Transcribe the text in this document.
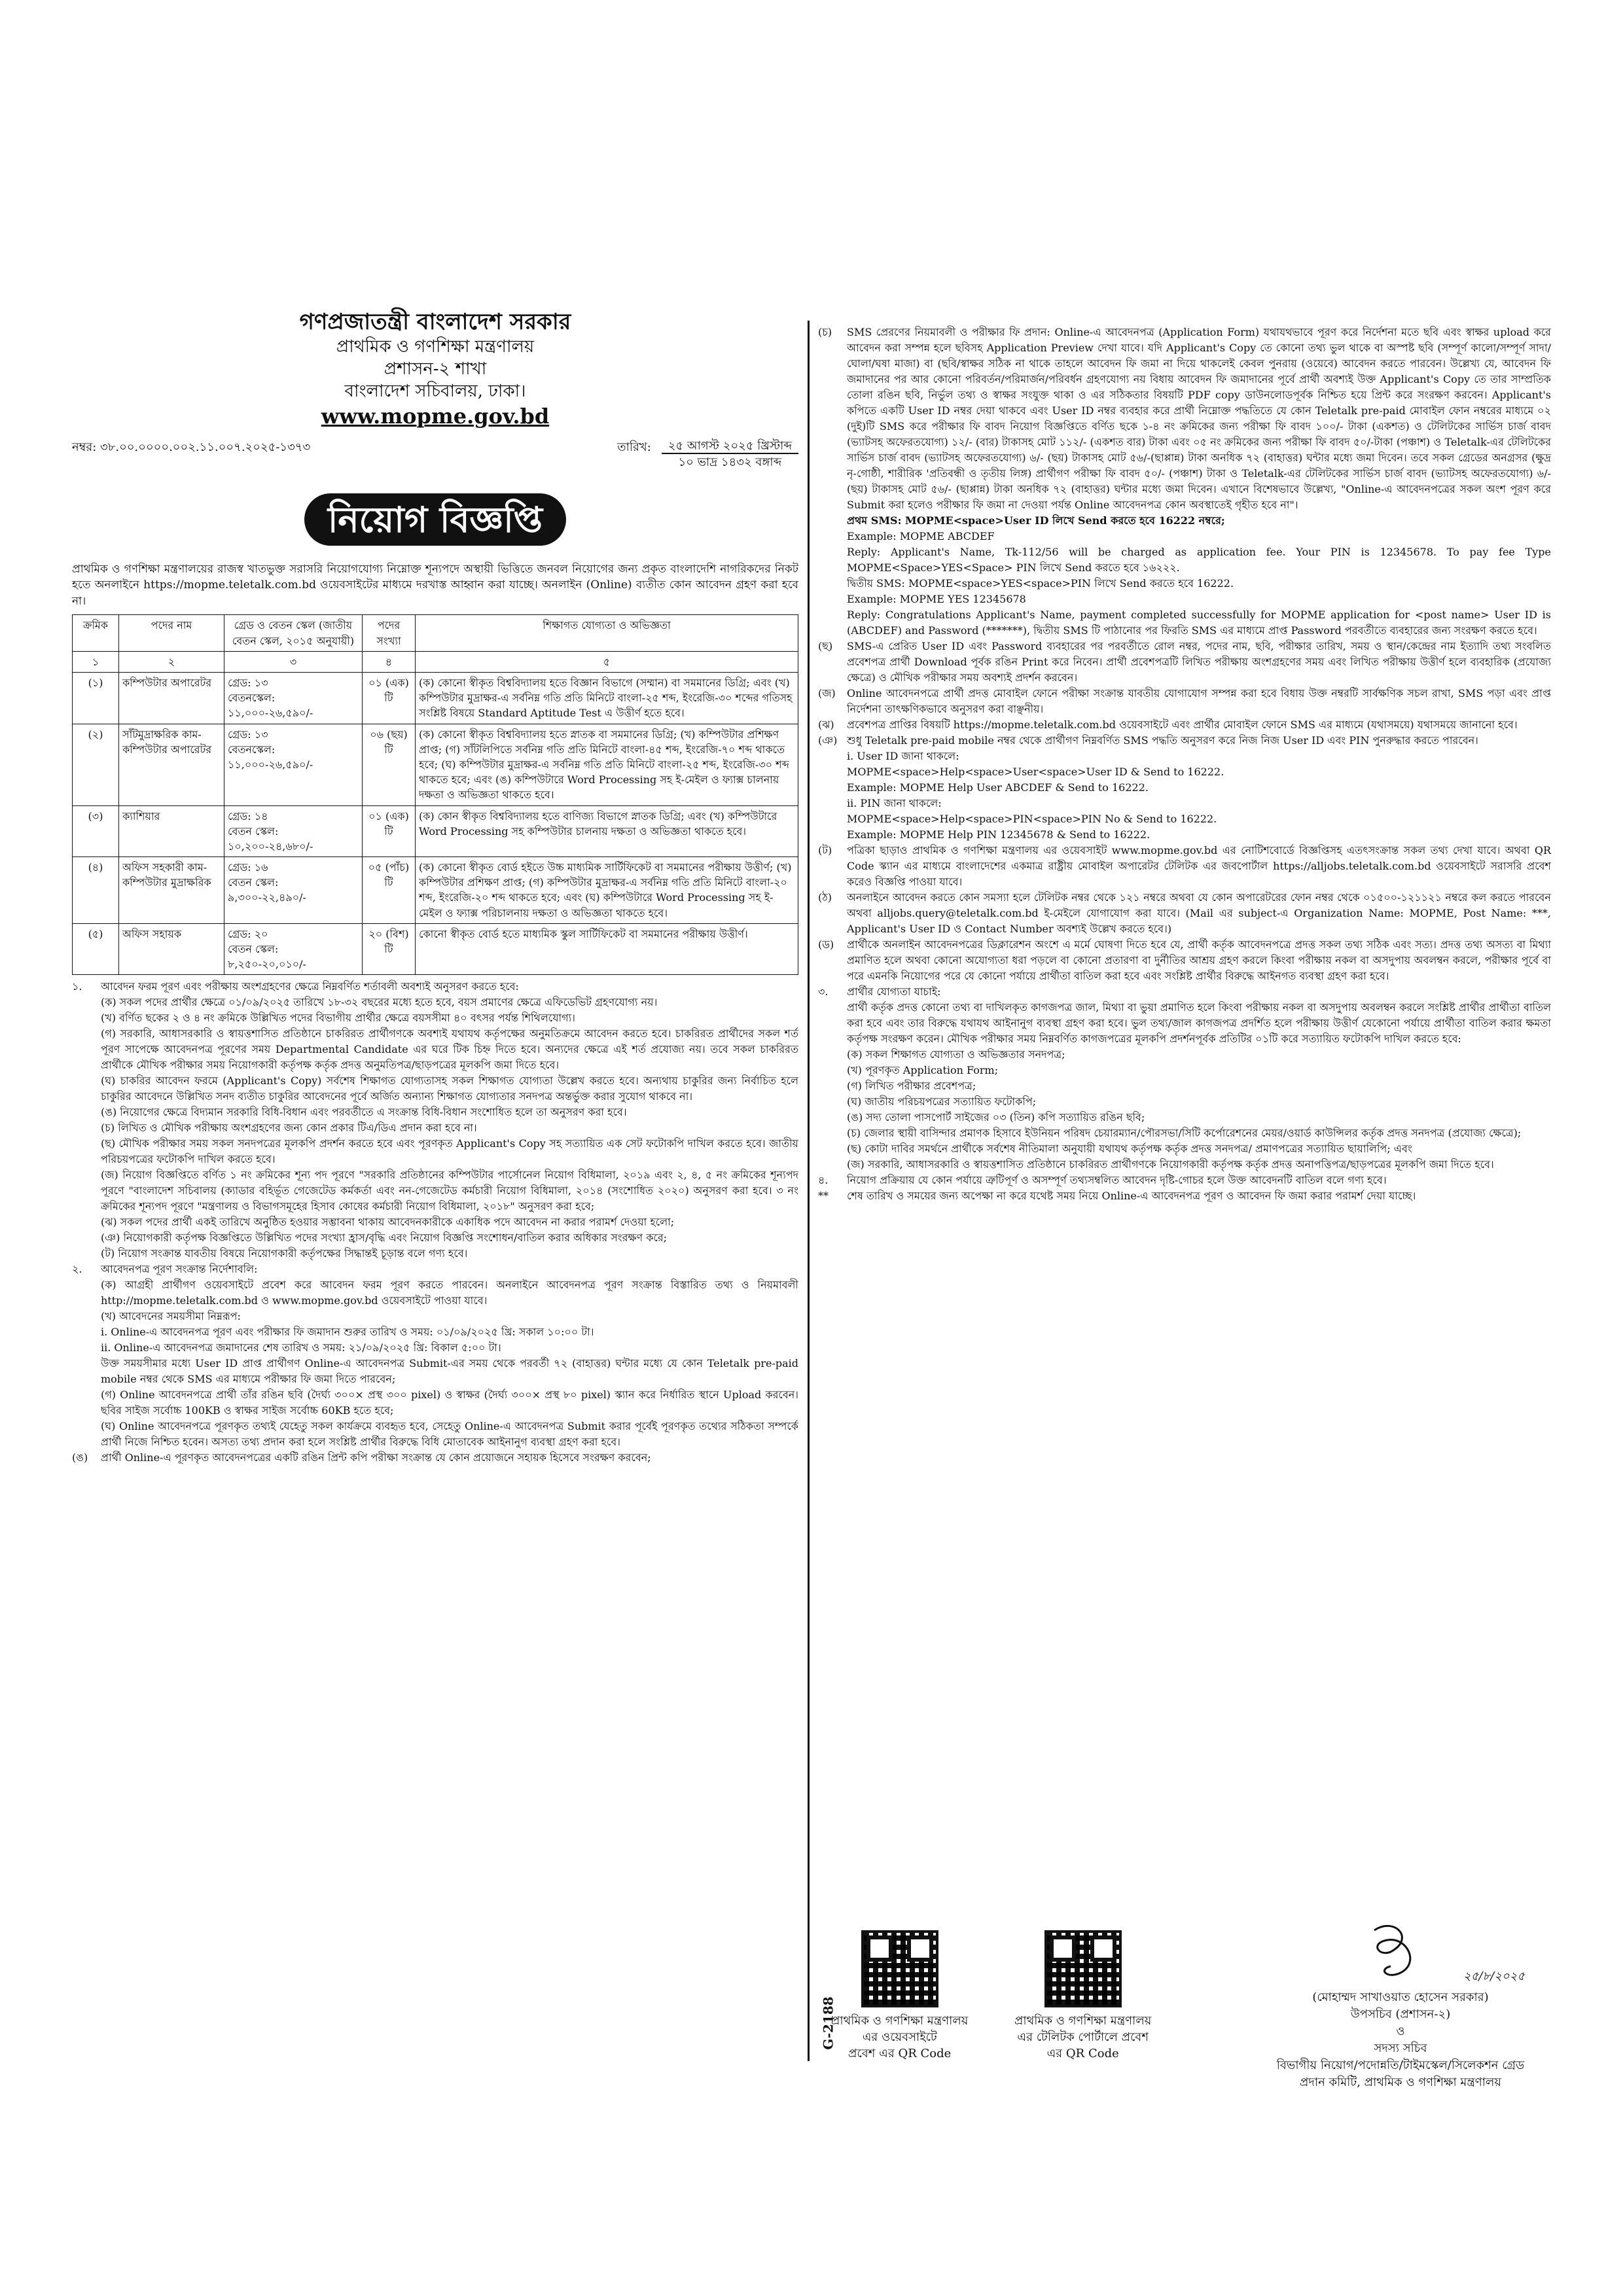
গণপ্রজাতন্ত্রী বাংলাদেশ সরকার
প্রাথমিক ও গণশিক্ষা মন্ত্রণালয়
প্রশাসন-২ শাখা
বাংলাদেশ সচিবালয়, ঢাকা।
www.mopme.gov.bd
নম্বর: ৩৮.০০.০০০০.০০২.১১.০০৭.২০২৫-১৩৭৩	তারিখ:	২৫ আগস্ট ২০২৫ খ্রিস্টাব্দ
১০ ভাদ্র ১৪৩২ বঙ্গাব্দ
নিয়োগ বিজ্ঞপ্তি
প্রাথমিক ও গণশিক্ষা মন্ত্রণালয়ের রাজস্ব খাতভুক্ত সরাসরি নিয়োগযোগ্য নিম্নোক্ত শূন্যপদে অস্থায়ী ভিত্তিতে জনবল নিয়োগের জন্য প্রকৃত বাংলাদেশি নাগরিকদের নিকট হতে অনলাইনে https://mopme.teletalk.com.bd ওয়েবসাইটের মাধ্যমে দরখাস্ত আহ্বান করা যাচ্ছে। অনলাইন (Online) ব্যতীত কোন আবেদন গ্রহণ করা হবে না।
ক্রমিক	পদের নাম	গ্রেড ও বেতন স্কেল (জাতীয় বেতন স্কেল, ২০১৫ অনুযায়ী)	পদের সংখ্যা	শিক্ষাগত যোগ্যতা ও অভিজ্ঞতা
১	২	৩	৪	৫
(১)	কম্পিউটার অপারেটর	গ্রেড: ১৩
বেতনস্কেল: ১১,০০০-২৬,৫৯০/-	০১ (এক) টি	(ক) কোনো স্বীকৃত বিশ্ববিদ্যালয় হতে বিজ্ঞান বিভাগে (সম্মান) বা সমমানের ডিগ্রি; এবং (খ) কম্পিউটার মুদ্রাক্ষর-এ সর্বনিম্ন গতি প্রতি মিনিটে বাংলা-২৫ শব্দ, ইংরেজি-৩০ শব্দের গতিসহ সংশ্লিষ্ট বিষয়ে Standard Aptitude Test এ উত্তীর্ণ হতে হবে।
(২)	সাঁটমুদ্রাক্ষরিক কাম-কম্পিউটার অপারেটর	গ্রেড: ১৩
বেতনস্কেল: ১১,০০০-২৬,৫৯০/-	০৬ (ছয়) টি	(ক) কোনো স্বীকৃত বিশ্ববিদ্যালয় হতে স্নাতক বা সমমানের ডিগ্রি; (খ) কম্পিউটার প্রশিক্ষণ প্রাপ্ত; (গ) সাঁটলিপিতে সর্বনিম্ন গতি প্রতি মিনিটে বাংলা-৪৫ শব্দ, ইংরেজি-৭০ শব্দ থাকতে হবে; (ঘ) কম্পিউটার মুদ্রাক্ষর-এ সর্বনিম্ন গতি প্রতি মিনিটে বাংলা-২৫ শব্দ, ইংরেজি-৩০ শব্দ থাকতে হবে; এবং (ঙ) কম্পিউটারে Word Processing সহ ই-মেইল ও ফ্যাক্স চালনায় দক্ষতা ও অভিজ্ঞতা থাকতে হবে।
(৩)	ক্যাশিয়ার	গ্রেড: ১৪
বেতন স্কেল: ১০,২০০-২৪,৬৮০/-	০১ (এক) টি	(ক) কোন স্বীকৃত বিশ্ববিদ্যালয় হতে বাণিজ্য বিভাগে স্নাতক ডিগ্রি; এবং (খ) কম্পিউটারে Word Processing সহ কম্পিউটার চালনায় দক্ষতা ও অভিজ্ঞতা থাকতে হবে।
(৪)	অফিস সহকারী কাম-কম্পিউটার মুদ্রাক্ষরিক	গ্রেড: ১৬
বেতন স্কেল: ৯,৩০০-২২,৪৯০/-	০৫ (পাঁচ) টি	(ক) কোনো স্বীকৃত বোর্ড হইতে উচ্চ মাধ্যমিক সার্টিফিকেট বা সমমানের পরীক্ষায় উত্তীর্ণ; (খ) কম্পিউটার প্রশিক্ষণ প্রাপ্ত; (গ) কম্পিউটার মুদ্রাক্ষর-এ সর্বনিম্ন গতি প্রতি মিনিটে বাংলা-২০ শব্দ, ইংরেজি-২০ শব্দ থাকতে হবে; এবং (ঘ) কম্পিউটারে Word Processing সহ ই-মেইল ও ফ্যাক্স পরিচালনায় দক্ষতা ও অভিজ্ঞতা থাকতে হবে।
(৫)	অফিস সহায়ক	গ্রেড: ২০
বেতন স্কেল: ৮,২৫০-২০,০১০/-	২০ (বিশ) টি	কোনো স্বীকৃত বোর্ড হতে মাধ্যমিক স্কুল সার্টিফিকেট বা সমমানের পরীক্ষায় উত্তীর্ণ।
১.	আবেদন ফরম পূরণ এবং পরীক্ষায় অংশগ্রহণের ক্ষেত্রে নিম্নবর্ণিত শর্তাবলী অবশ্যই অনুসরণ করতে হবে:
(ক) সকল পদের প্রার্থীর ক্ষেত্রে ০১/০৯/২০২৫ তারিখে ১৮-৩২ বছরের মধ্যে হতে হবে, বয়স প্রমাণের ক্ষেত্রে এফিডেভিট গ্রহণযোগ্য নয়।
(খ) বর্ণিত ছকের ২ ও ৪ নং ক্রমিকে উল্লিখিত পদের বিভাগীয় প্রার্থীর ক্ষেত্রে বয়সসীমা ৪০ বৎসর পর্যন্ত শিথিলযোগ্য।
(গ) সরকারি, আধাসরকারি ও স্বায়ত্তশাসিত প্রতিষ্ঠানে চাকরিরত প্রার্থীগণকে অবশ্যই যথাযথ কর্তৃপক্ষের অনুমতিক্রমে আবেদন করতে হবে। চাকরিরত প্রার্থীদের সকল শর্ত পূরণ সাপেক্ষে আবেদনপত্র পূরণের সময় Departmental Candidate এর ঘরে টিক চিহ্ন দিতে হবে। অন্যদের ক্ষেত্রে এই শর্ত প্রযোজ্য নয়। তবে সকল চাকরিরত প্রার্থীকে মৌখিক পরীক্ষার সময় নিয়োগকারী কর্তৃপক্ষ কর্তৃক প্রদত্ত অনুমতিপত্র/ছাড়পত্রের মূলকপি জমা দিতে হবে।
(ঘ) চাকরির আবেদন ফরমে (Applicant's Copy) সর্বশেষ শিক্ষাগত যোগ্যতাসহ সকল শিক্ষাগত যোগ্যতা উল্লেখ করতে হবে। অন্যথায় চাকুরির জন্য নির্বাচিত হলে চাকুরির আবেদনে উল্লিখিত সনদ ব্যতীত চাকুরির আবেদনের পূর্বে অর্জিত অন্যান্য শিক্ষাগত যোগ্যতার সনদপত্র অন্তর্ভুক্ত করার সুযোগ থাকবে না।
(ঙ) নিয়োগের ক্ষেত্রে বিদ্যমান সরকারি বিধি-বিধান এবং পরবর্তীতে এ সংক্রান্ত বিধি-বিধান সংশোধিত হলে তা অনুসরণ করা হবে।
(চ) লিখিত ও মৌখিক পরীক্ষায় অংশগ্রহণের জন্য কোন প্রকার টিএ/ডিএ প্রদান করা হবে না।
(ছ) মৌখিক পরীক্ষার সময় সকল সনদপত্রের মূলকপি প্রদর্শন করতে হবে এবং পূরণকৃত Applicant's Copy সহ সত্যায়িত এক সেট ফটোকপি দাখিল করতে হবে। জাতীয় পরিচয়পত্রের ফটোকপি দাখিল করতে হবে।
(জ) নিয়োগ বিজ্ঞপ্তিতে বর্ণিত ১ নং ক্রমিকের শূন্য পদ পূরণে "সরকারি প্রতিষ্ঠানের কম্পিউটার পার্সোনেল নিয়োগ বিধিমালা, ২০১৯ এবং ২, ৪, ৫ নং ক্রমিকের শূন্যপদ পূরণে "বাংলাদেশ সচিবালয় (ক্যাডার বহির্ভূত গেজেটেড কর্মকর্তা এবং নন-গেজেটেড কর্মচারী নিয়োগ বিধিমালা, ২০১৪ (সংশোধিত ২০২০) অনুসরণ করা হবে। ৩ নং ক্রমিকের শূন্যপদ পূরণে "মন্ত্রণালয় ও বিভাগসমূহের হিসাব কোষের কর্মচারী নিয়োগ বিধিমালা, ২০১৮" অনুসরণ করা হবে;
(ঝ) সকল পদের প্রার্থী একই তারিখে অনুষ্ঠিত হওয়ার সম্ভাবনা থাকায় আবেদনকারীকে একাধিক পদে আবেদন না করার পরামর্শ দেওয়া হলো;
(ঞ) নিয়োগকারী কর্তৃপক্ষ বিজ্ঞপ্তিতে উল্লিখিত পদের সংখ্যা হ্রাস/বৃদ্ধি এবং নিয়োগ বিজ্ঞপ্তি সংশোধন/বাতিল করার অধিকার সংরক্ষণ করে;
(ট) নিয়োগ সংক্রান্ত যাবতীয় বিষয়ে নিয়োগকারী কর্তৃপক্ষের সিদ্ধান্তই চূড়ান্ত বলে গণ্য হবে।
২.	আবেদনপত্র পূরণ সংক্রান্ত নির্দেশাবলি:
(ক) আগ্রহী প্রার্থীগণ ওয়েবসাইটে প্রবেশ করে আবেদন ফরম পূরণ করতে পারবেন। অনলাইনে আবেদনপত্র পূরণ সংক্রান্ত বিস্তারিত তথ্য ও নিয়মাবলী http://mopme.teletalk.com.bd ও www.mopme.gov.bd ওয়েবসাইটে পাওয়া যাবে।
(খ) আবেদনের সময়সীমা নিম্নরূপ:
i. Online-এ আবেদনপত্র পূরণ এবং পরীক্ষার ফি জমাদান শুরুর তারিখ ও সময়: ০১/০৯/২০২৫ খ্রি: সকাল ১০:০০ টা।
ii. Online-এ আবেদনপত্র জমাদানের শেষ তারিখ ও সময়: ২১/০৯/২০২৫ খ্রি: বিকাল ৫:০০ টা।
উক্ত সময়সীমার মধ্যে User ID প্রাপ্ত প্রার্থীগণ Online-এ আবেদনপত্র Submit-এর সময় থেকে পরবর্তী ৭২ (বাহাত্তর) ঘন্টার মধ্যে যে কোন Teletalk pre-paid mobile নম্বর থেকে SMS এর মাধ্যমে পরীক্ষার ফি জমা দিতে পারবেন;
(গ) Online আবেদনপত্রে প্রার্থী তাঁর রঙিন ছবি (দৈর্ঘ্য ৩০০× প্রস্থ ৩০০ pixel) ও স্বাক্ষর (দৈর্ঘ্য ৩০০× প্রস্থ ৮০ pixel) স্ক্যান করে নির্ধারিত স্থানে Upload করবেন। ছবির সাইজ সর্বোচ্চ 100KB ও স্বাক্ষর সাইজ সর্বোচ্চ 60KB হতে হবে;
(ঘ) Online আবেদনপত্রে পূরণকৃত তথ্যই যেহেতু সকল কার্যক্রমে ব্যবহৃত হবে, সেহেতু Online-এ আবেদনপত্র Submit করার পূর্বেই পূরণকৃত তথ্যের সঠিকতা সম্পর্কে প্রার্থী নিজে নিশ্চিত হবেন। অসত্য তথ্য প্রদান করা হলে সংশ্লিষ্ট প্রার্থীর বিরুদ্ধে বিধি মোতাবেক আইনানুগ ব্যবস্থা গ্রহণ করা হবে।
(ঙ)	প্রার্থী Online-এ পূরণকৃত আবেদনপত্রের একটি রঙিন প্রিন্ট কপি পরীক্ষা সংক্রান্ত যে কোন প্রয়োজনে সহায়ক হিসেবে সংরক্ষণ করবেন;
(চ)	SMS প্রেরণের নিয়মাবলী ও পরীক্ষার ফি প্রদান: Online-এ আবেদনপত্র (Application Form) যথাযথভাবে পূরণ করে নির্দেশনা মতে ছবি এবং স্বাক্ষর upload করে আবেদন করা সম্পন্ন হলে ছবিসহ Application Preview দেখা যাবে। যদি Applicant's Copy তে কোনো তথ্য ভুল থাকে বা অস্পষ্ট ছবি (সম্পূর্ণ কালো/সম্পূর্ণ সাদা/ঘোলা/ঘষা মাজা) বা (ছবি/স্বাক্ষর সঠিক না থাকে তাহলে আবেদন ফি জমা না দিয়ে থাকলেই কেবল পুনরায় (ওয়েবে) আবেদন করতে পারবেন। উল্লেখ্য যে, আবেদন ফি জমাদানের পর আর কোনো পরিবর্তন/পরিমার্জন/পরিবর্ধন গ্রহণযোগ্য নয় বিধায় আবেদন ফি জমাদানের পূর্বে প্রার্থী অবশ্যই উক্ত Applicant's Copy তে তার সাম্প্রতিক তোলা রঙিন ছবি, নির্ভুল তথ্য ও স্বাক্ষর সংযুক্ত থাকা ও এর সঠিকতার বিষয়টি PDF copy ডাউনলোডপূর্বক নিশ্চিত হয়ে প্রিন্ট করে সংরক্ষণ করবেন। Applicant's কপিতে একটি User ID নম্বর দেয়া থাকবে এবং User ID নম্বর ব্যবহার করে প্রার্থী নিম্নোক্ত পদ্ধতিতে যে কোন Teletalk pre-paid মোবাইল ফোন নম্বরের মাধ্যমে ০২ (দুই)টি SMS করে পরীক্ষার ফি বাবদ নিয়োগ বিজ্ঞপ্তিতে বর্ণিত ছকে ১-৪ নং ক্রমিকের জন্য পরীক্ষা ফি বাবদ ১০০/- টাকা (একশত) ও টেলিটকের সার্ভিস চার্জ বাবদ (ভ্যাটসহ অফেরতযোগ্য) ১২/- (বার) টাকাসহ মোট ১১২/- (একশত বার) টাকা এবং ০৫ নং ক্রমিকের জন্য পরীক্ষা ফি বাবদ ৫০/-টাকা (পঞ্চাশ) ও Teletalk-এর টেলিটকের সার্ভিস চার্জ বাবদ (ভ্যাটসহ অফেরতযোগ্য) ৬/- (ছয়) টাকাসহ মোট ৫৬/-(ছাপ্পান্ন) টাকা অনধিক ৭২ (বাহাত্তর) ঘন্টার মধ্যে জমা দিবেন। তবে সকল গ্রেডের অনগ্রসর (ক্ষুদ্র নৃ-গোষ্ঠী, শারীরিক 'প্রতিবন্ধী ও তৃতীয় লিঙ্গ) প্রার্থীগণ পরীক্ষা ফি বাবদ ৫০/- (পঞ্চাশ) টাকা ও Teletalk-এর টেলিটকের সার্ভিস চার্জ বাবদ (ভ্যাটসহ অফেরতযোগ্য) ৬/- (ছয়) টাকাসহ মোট ৫৬/- (ছাপ্পান্ন) টাকা অনধিক ৭২ (বাহাত্তর) ঘন্টার মধ্যে জমা দিবেন। এখানে বিশেষভাবে উল্লেখ্য, "Online-এ আবেদনপত্রের সকল অংশ পূরণ করে Submit করা হলেও পরীক্ষার ফি জমা না দেওয়া পর্যন্ত Online আবেদনপত্র কোন অবস্থাতেই গৃহীত হবে না"।
প্রথম SMS: MOPME<space>User ID লিখে Send করতে হবে 16222 নম্বরে;
Example: MOPME ABCDEF
Reply: Applicant's Name, Tk-112/56 will be charged as application fee. Your PIN is 12345678. To pay fee Type MOPME<Space>YES<Space> PIN লিখে Send করতে হবে ১৬২২২.
দ্বিতীয় SMS: MOPME<space>YES<space>PIN লিখে Send করতে হবে 16222.
Example: MOPME YES 12345678
Reply: Congratulations Applicant's Name, payment completed successfully for MOPME application for <post name> User ID is (ABCDEF) and Password (*******), দ্বিতীয় SMS টি পাঠানোর পর ফিরতি SMS এর মাধ্যমে প্রাপ্ত Password পরবর্তীতে ব্যবহারের জন্য সংরক্ষণ করতে হবে।
(ছ)	SMS-এ প্রেরিত User ID এবং Password ব্যবহারের পর পরবর্তীতে রোল নম্বর, পদের নাম, ছবি, পরীক্ষার তারিখ, সময় ও স্থান/কেন্দ্রের নাম ইত্যাদি তথ্য সংবলিত প্রবেশপত্র প্রার্থী Download পূর্বক রঙিন Print করে নিবেন। প্রার্থী প্রবেশপত্রটি লিখিত পরীক্ষায় অংশগ্রহণের সময় এবং লিখিত পরীক্ষায় উত্তীর্ণ হলে ব্যবহারিক (প্রযোজ্য ক্ষেত্রে) ও মৌখিক পরীক্ষার সময় অবশ্যই প্রদর্শন করবেন।
(জ)	Online আবেদনপত্রে প্রার্থী প্রদত্ত মোবাইল ফোনে পরীক্ষা সংক্রান্ত যাবতীয় যোগাযোগ সম্পন্ন করা হবে বিধায় উক্ত নম্বরটি সার্বক্ষণিক সচল রাখা, SMS পড়া এবং প্রাপ্ত নির্দেশনা তাৎক্ষণিকভাবে অনুসরণ করা বাঞ্ছনীয়।
(ঝ)	প্রবেশপত্র প্রাপ্তির বিষয়টি https://mopme.teletalk.com.bd ওয়েবসাইটে এবং প্রার্থীর মোবাইল ফোনে SMS এর মাধ্যমে (যথাসময়ে) যথাসময়ে জানানো হবে।
(ঞ) শুধু Teletalk pre-paid mobile নম্বর থেকে প্রার্থীগণ নিম্নবর্ণিত SMS পদ্ধতি অনুসরণ করে নিজ নিজ User ID এবং PIN পুনরুদ্ধার করতে পারবেন।
i. User ID জানা থাকলে:
MOPME<space>Help<space>User<space>User ID & Send to 16222.
Example: MOPME Help User ABCDEF & Send to 16222.
ii. PIN জানা থাকলে:
MOPME<space>Help<space>PIN<space>PIN No & Send to 16222.
Example: MOPME Help PIN 12345678 & Send to 16222.
(ট)	পত্রিকা ছাড়াও প্রাথমিক ও গণশিক্ষা মন্ত্রণালয় এর ওয়েবসাইট www.mopme.gov.bd এর নোটিশবোর্ডে বিজ্ঞপ্তিসহ এতৎসংক্রান্ত সকল তথ্য দেখা যাবে। অথবা QR Code স্ক্যান এর মাধ্যমে বাংলাদেশের একমাত্র রাষ্ট্রীয় মোবাইল অপারেটর টেলিটক এর জবপোর্টাল https://alljobs.teletalk.com.bd ওয়েবসাইটে সরাসরি প্রবেশ করেও বিজ্ঞপ্তি পাওয়া যাবে।
(ঠ)	অনলাইনে আবেদন করতে কোন সমস্যা হলে টেলিটক নম্বর থেকে ১২১ নম্বরে অথবা যে কোন অপারেটরের ফোন নম্বর থেকে ০১৫০০-১২১১২১ নম্বরে কল করতে পারবেন অথবা alljobs.query@teletalk.com.bd ই-মেইলে যোগাযোগ করা যাবে। (Mail এর subject-এ Organization Name: MOPME, Post Name: ***, Applicant's User ID ও Contact Number অবশ্যই উল্লেখ করতে হবে।)
(ড)	প্রার্থীকে অনলাইন আবেদনপত্রের ডিক্লারেশন অংশে এ মর্মে ঘোষণা দিতে হবে যে, প্রার্থী কর্তৃক আবেদনপত্রে প্রদত্ত সকল তথ্য সঠিক এবং সত্য। প্রদত্ত তথ্য অসত্য বা মিথ্যা প্রমাণিত হলে অথবা কোনো অযোগ্যতা ধরা পড়লে বা কোনো প্রতারণা বা দুর্নীতির আশ্রয় গ্রহণ করলে কিংবা পরীক্ষায় নকল বা অসদুপায় অবলম্বন করলে, পরীক্ষার পূর্বে বা পরে এমনকি নিয়োগের পরে যে কোনো পর্যায়ে প্রার্থীতা বাতিল করা হবে এবং সংশ্লিষ্ট প্রার্থীর বিরুদ্ধে আইনগত ব্যবস্থা গ্রহণ করা হবে।
৩.	প্রার্থীর যোগ্যতা যাচাই:
প্রার্থী কর্তৃক প্রদত্ত কোনো তথ্য বা দাখিলকৃত কাগজপত্র জাল, মিথ্যা বা ভুয়া প্রমাণিত হলে কিংবা পরীক্ষায় নকল বা অসদুপায় অবলম্বন করলে সংশ্লিষ্ট প্রার্থীর প্রার্থীতা বাতিল করা হবে এবং তার বিরুদ্ধে যথাযথ আইনানুগ ব্যবস্থা গ্রহণ করা হবে। ভুল তথ্য/জাল কাগজপত্র প্রদর্শিত হলে পরীক্ষায় উত্তীর্ণ যেকোনো পর্যায়ে প্রার্থীতা বাতিল করার ক্ষমতা কর্তৃপক্ষ সংরক্ষণ করেন। মৌখিক পরীক্ষার সময় নিম্নবর্ণিত কাগজপত্রের মূলকপি প্রদর্শনপূর্বক প্রতিটির ০১টি করে সত্যায়িত ফটোকপি দাখিল করতে হবে:
(ক) সকল শিক্ষাগত যোগ্যতা ও অভিজ্ঞতার সনদপত্র;
(খ) পূরণকৃত Application Form;
(গ) লিখিত পরীক্ষার প্রবেশপত্র;
(ঘ) জাতীয় পরিচয়পত্রের সত্যায়িত ফটোকপি;
(ঙ) সদ্য তোলা পাসপোর্ট সাইজের ০৩ (তিন) কপি সত্যায়িত রঙিন ছবি;
(চ) জেলার স্থায়ী বাসিন্দার প্রমাণক হিসাবে ইউনিয়ন পরিষদ চেয়ারম্যান/পৌরসভা/সিটি কর্পোরেশনের মেয়র/ওয়ার্ড কাউন্সিলর কর্তৃক প্রদত্ত সনদপত্র (প্রযোজ্য ক্ষেত্রে);
(ছ) কোটা দাবির সমর্থনে প্রার্থীকে সর্বশেষ নীতিমালা অনুযায়ী যথাযথ কর্তৃপক্ষ কর্তৃক প্রদত্ত সনদপত্র/ প্রমাণপত্রের সত্যায়িত ছায়ালিপি; এবং
(জ) সরকারি, আধাসরকারি ও স্বায়ত্তশাসিত প্রতিষ্ঠানে চাকরিরত প্রার্থীগণকে নিয়োগকারী কর্তৃপক্ষ কর্তৃক প্রদত্ত অনাপত্তিপত্র/ছাড়পত্রের মূলকপি জমা দিতে হবে।
৪.	নিয়োগ প্রক্রিয়ায় যে কোন পর্যায়ে ত্রুটিপূর্ণ ও অসম্পূর্ণ তথ্যসম্বলিত আবেদন দৃষ্টি-গোচর হলে উক্ত আবেদনটি বাতিল বলে গণ্য হবে।
**	শেষ তারিখ ও সময়ের জন্য অপেক্ষা না করে যথেষ্ট সময় নিয়ে Online-এ আবেদনপত্র পূরণ ও আবেদন ফি জমা করার পরামর্শ দেয়া যাচ্ছে।
G-2188
প্রাথমিক ও গণশিক্ষা মন্ত্রণালয়
এর ওয়েবসাইটে
প্রবেশ এর QR Code
প্রাথমিক ও গণশিক্ষা মন্ত্রণালয়
এর টেলিটক পোর্টালে প্রবেশ
এর QR Code
২৫/৮/২০২৫
(মোহাম্মদ সাখাওয়াত হোসেন সরকার)
উপসচিব (প্রশাসন-২)
ও
সদস্য সচিব
বিভাগীয় নিয়োগ/পদোন্নতি/টাইমস্কেল/সিলেকশন গ্রেড প্রদান কমিটি, প্রাথমিক ও গণশিক্ষা মন্ত্রণালয়
